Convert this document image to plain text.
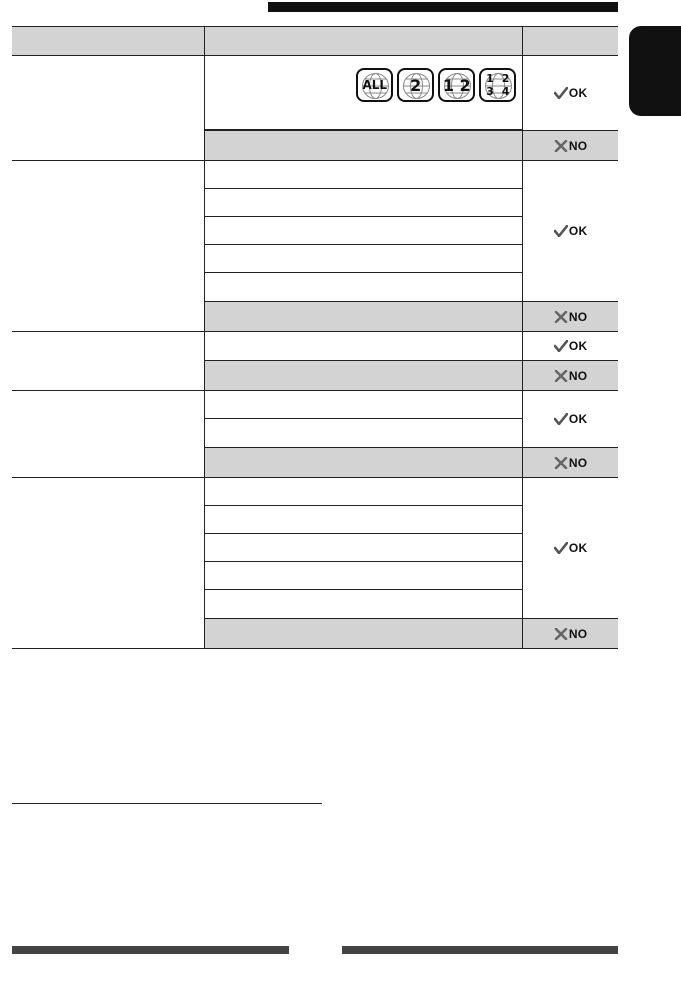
ALL 2 1 2 1 2
3 4	OK
NO
OK
NO
OK
NO
OK
NO
OK
NO
